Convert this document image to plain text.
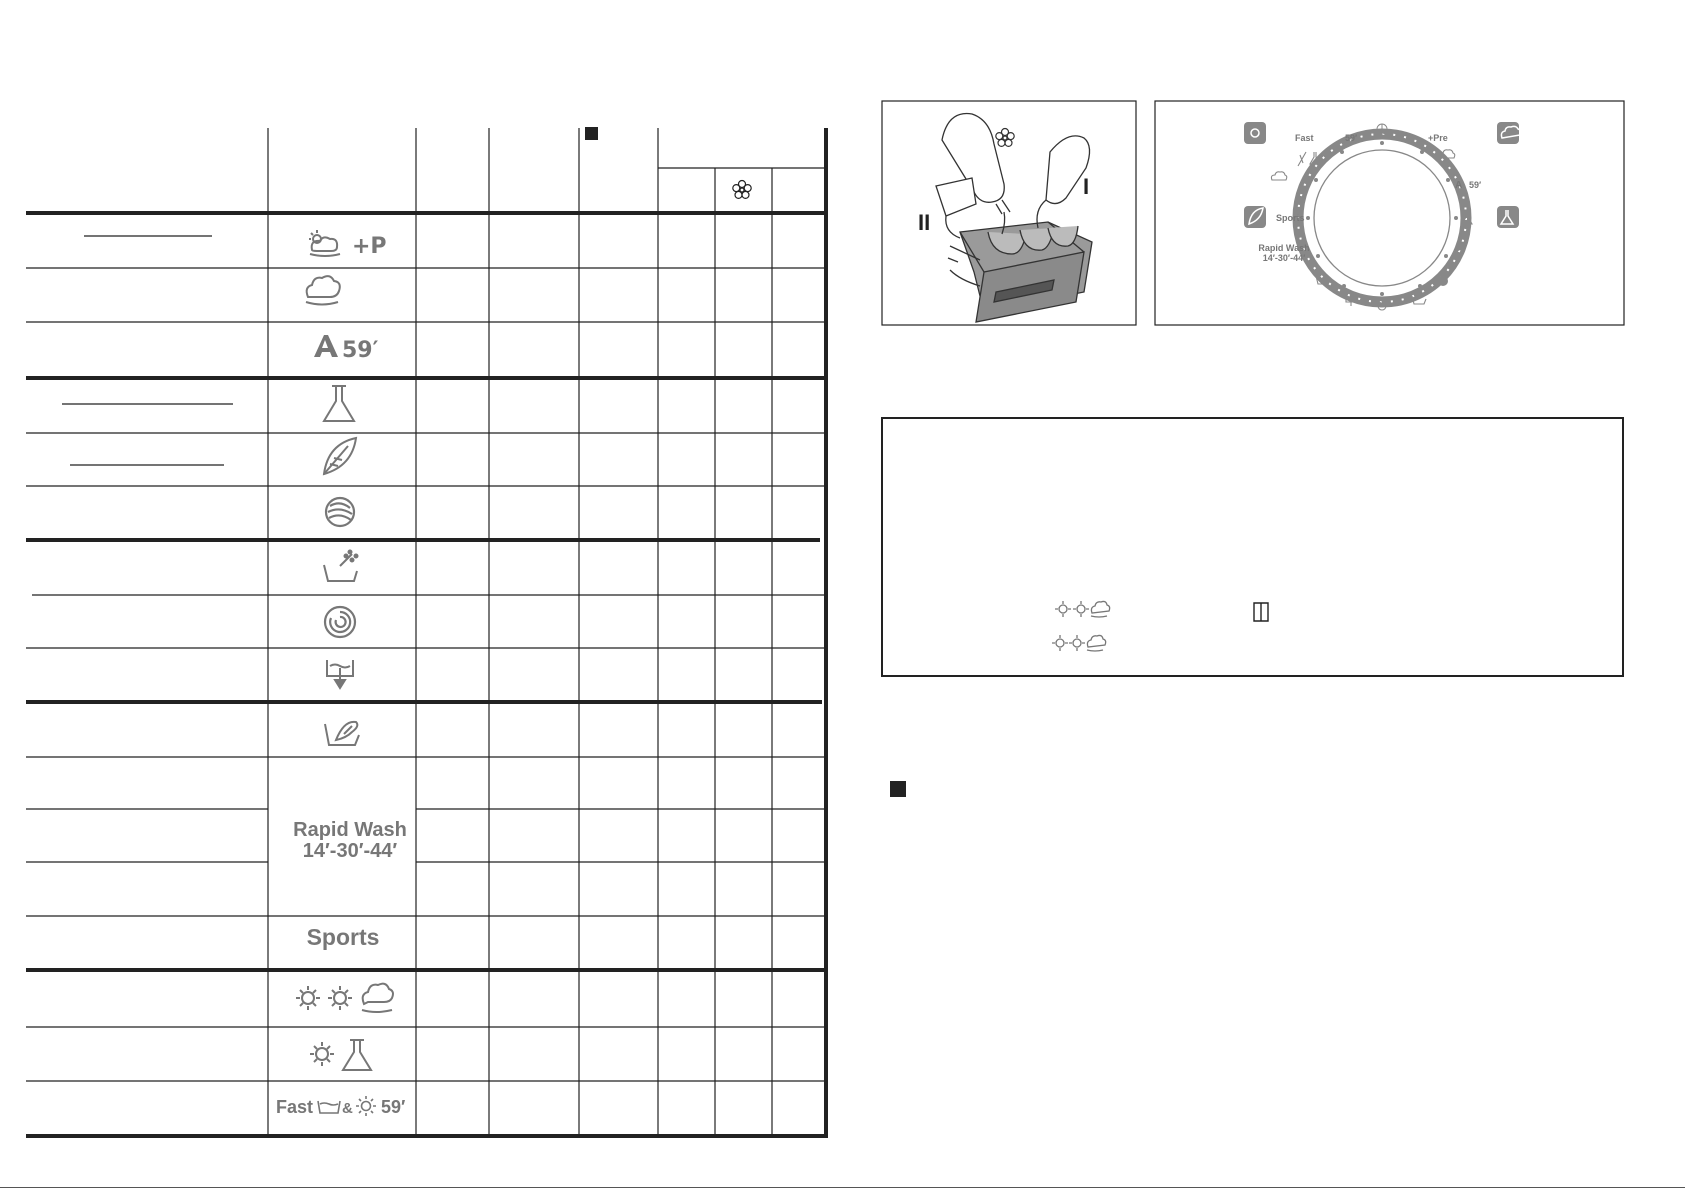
+P
59′
Rapid Wash
14′-30′-44′
Sports
Fast & 59′
I
II
Fast	59′	+Pre
59′
Sports
Rapid Wash
14′-30′-44′
A
